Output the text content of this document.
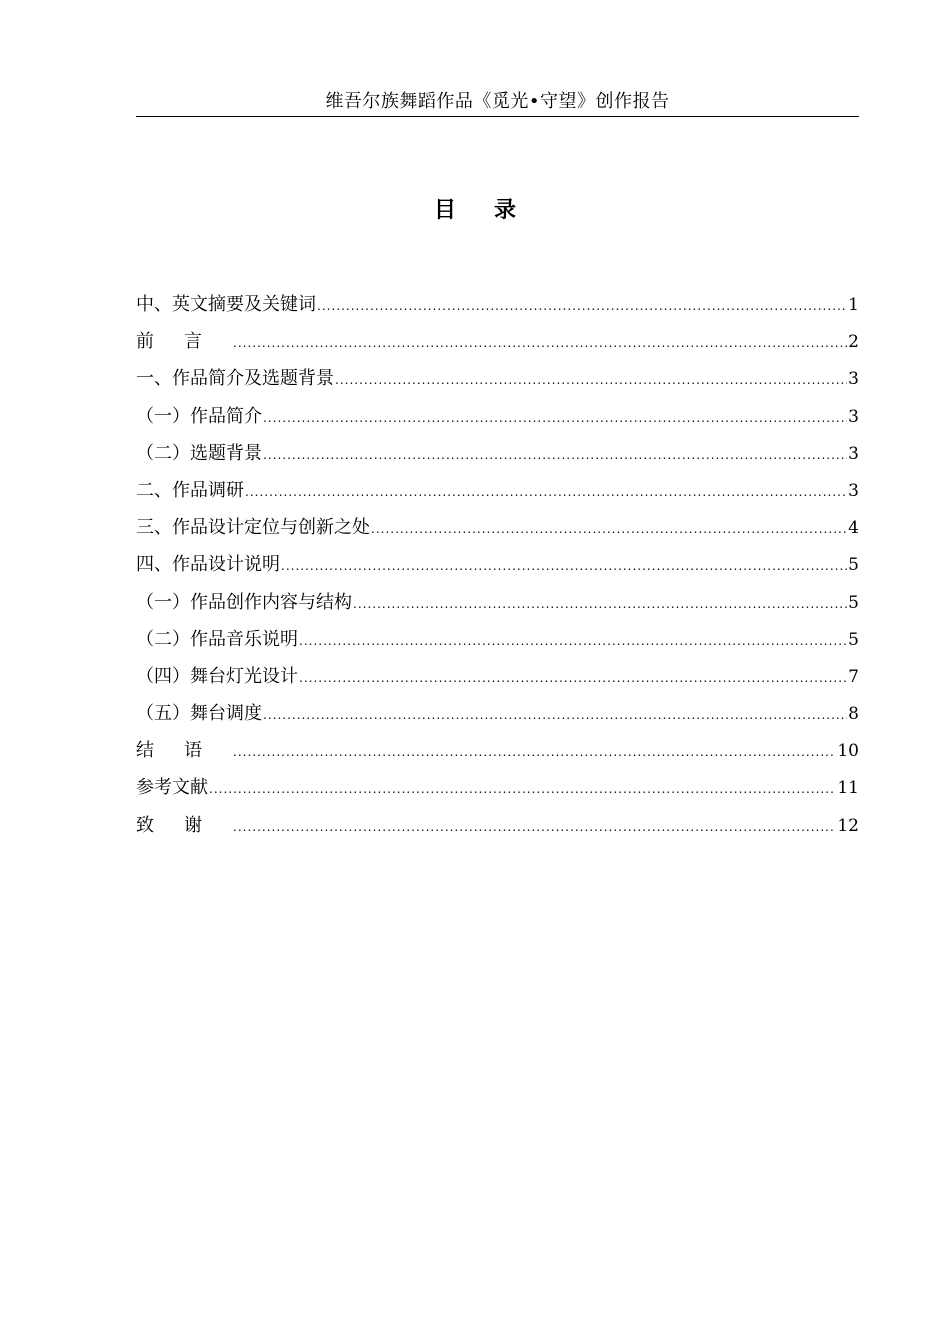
维吾尔族舞蹈作品《觅光•守望》创作报告
目 录
中、英文摘要及关键词 .....	1
前言 .....	2
一、作品简介及选题背景 .....	3
（一）作品简介 .....	3
（二）选题背景 .....	3
二、作品调研 .....	3
三、作品设计定位与创新之处 .....	4
四、作品设计说明 .....	5
（一）作品创作内容与结构 .....	5
（二）作品音乐说明 .....	5
（四）舞台灯光设计 .....	7
（五）舞台调度 .....	8
结语 .....	10
参考文献 .....	11
致谢 .....	12
